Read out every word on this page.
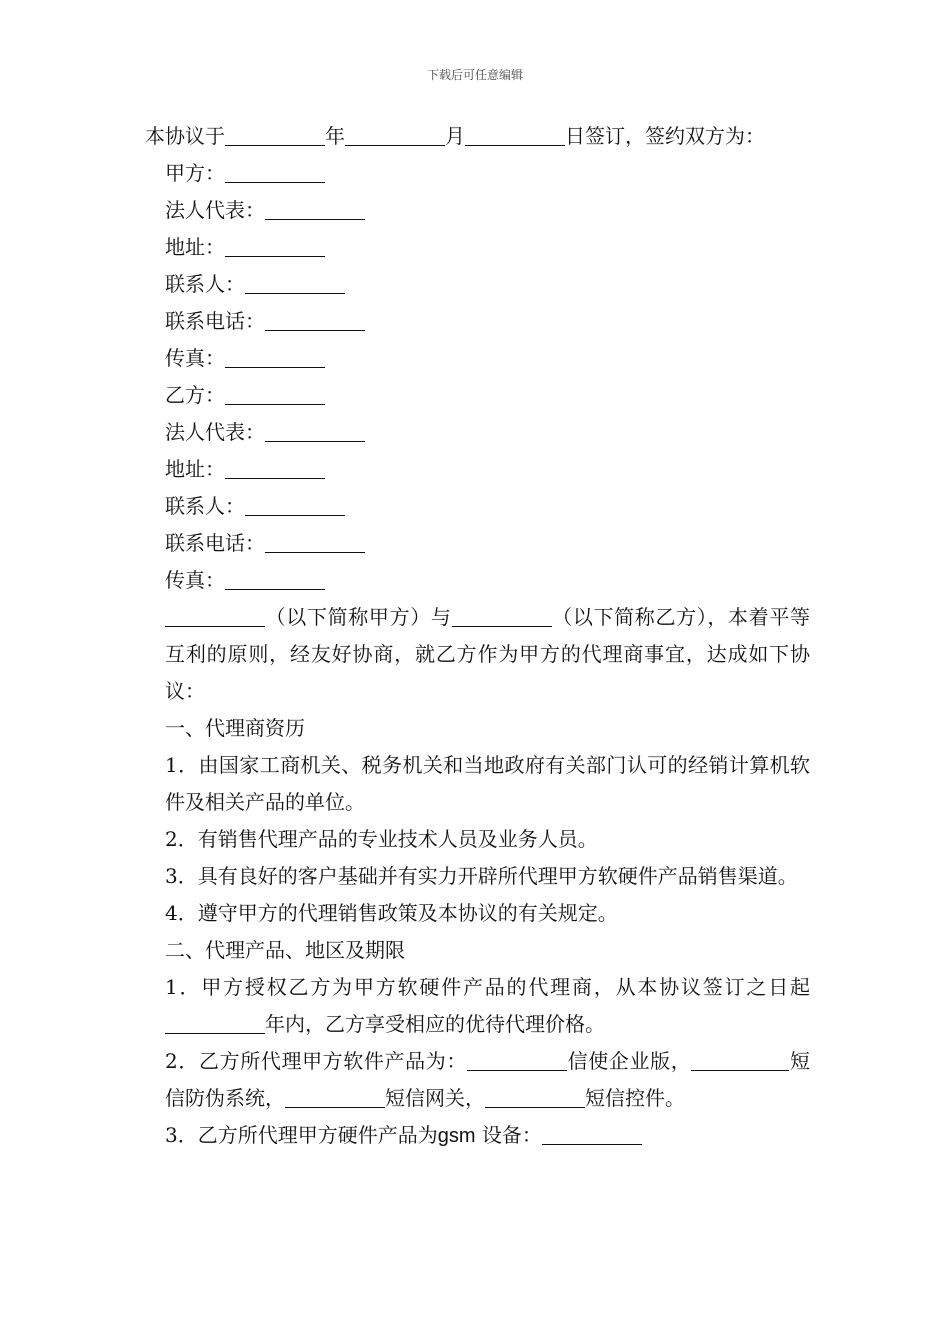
下载后可任意编辑

本协议于	年	月	日签订，签约双方为：

甲方：

法人代表：

地址：

联系人：

联系电话：

传真：

乙方：

法人代表：

地址：

联系人：

联系电话：

传真：

（以下简称甲方）与	（以下简称乙方），本着平等互利的原则，经友好协商，就乙方作为甲方的代理商事宜，达成如下协议：

一、代理商资历

1．由国家工商机关、税务机关和当地政府有关部门认可的经销计算机软件及相关产品的单位。

2．有销售代理产品的专业技术人员及业务人员。

3．具有良好的客户基础并有实力开辟所代理甲方软硬件产品销售渠道。

4．遵守甲方的代理销售政策及本协议的有关规定。

二、代理产品、地区及期限

1．甲方授权乙方为甲方软硬件产品的代理商，从本协议签订之日起年内，乙方享受相应的优待代理价格。

2．乙方所代理甲方软件产品为：	信使企业版，	短信防伪系统，	短信网关，	短信控件。

3．乙方所代理甲方硬件产品为gsm 设备：
